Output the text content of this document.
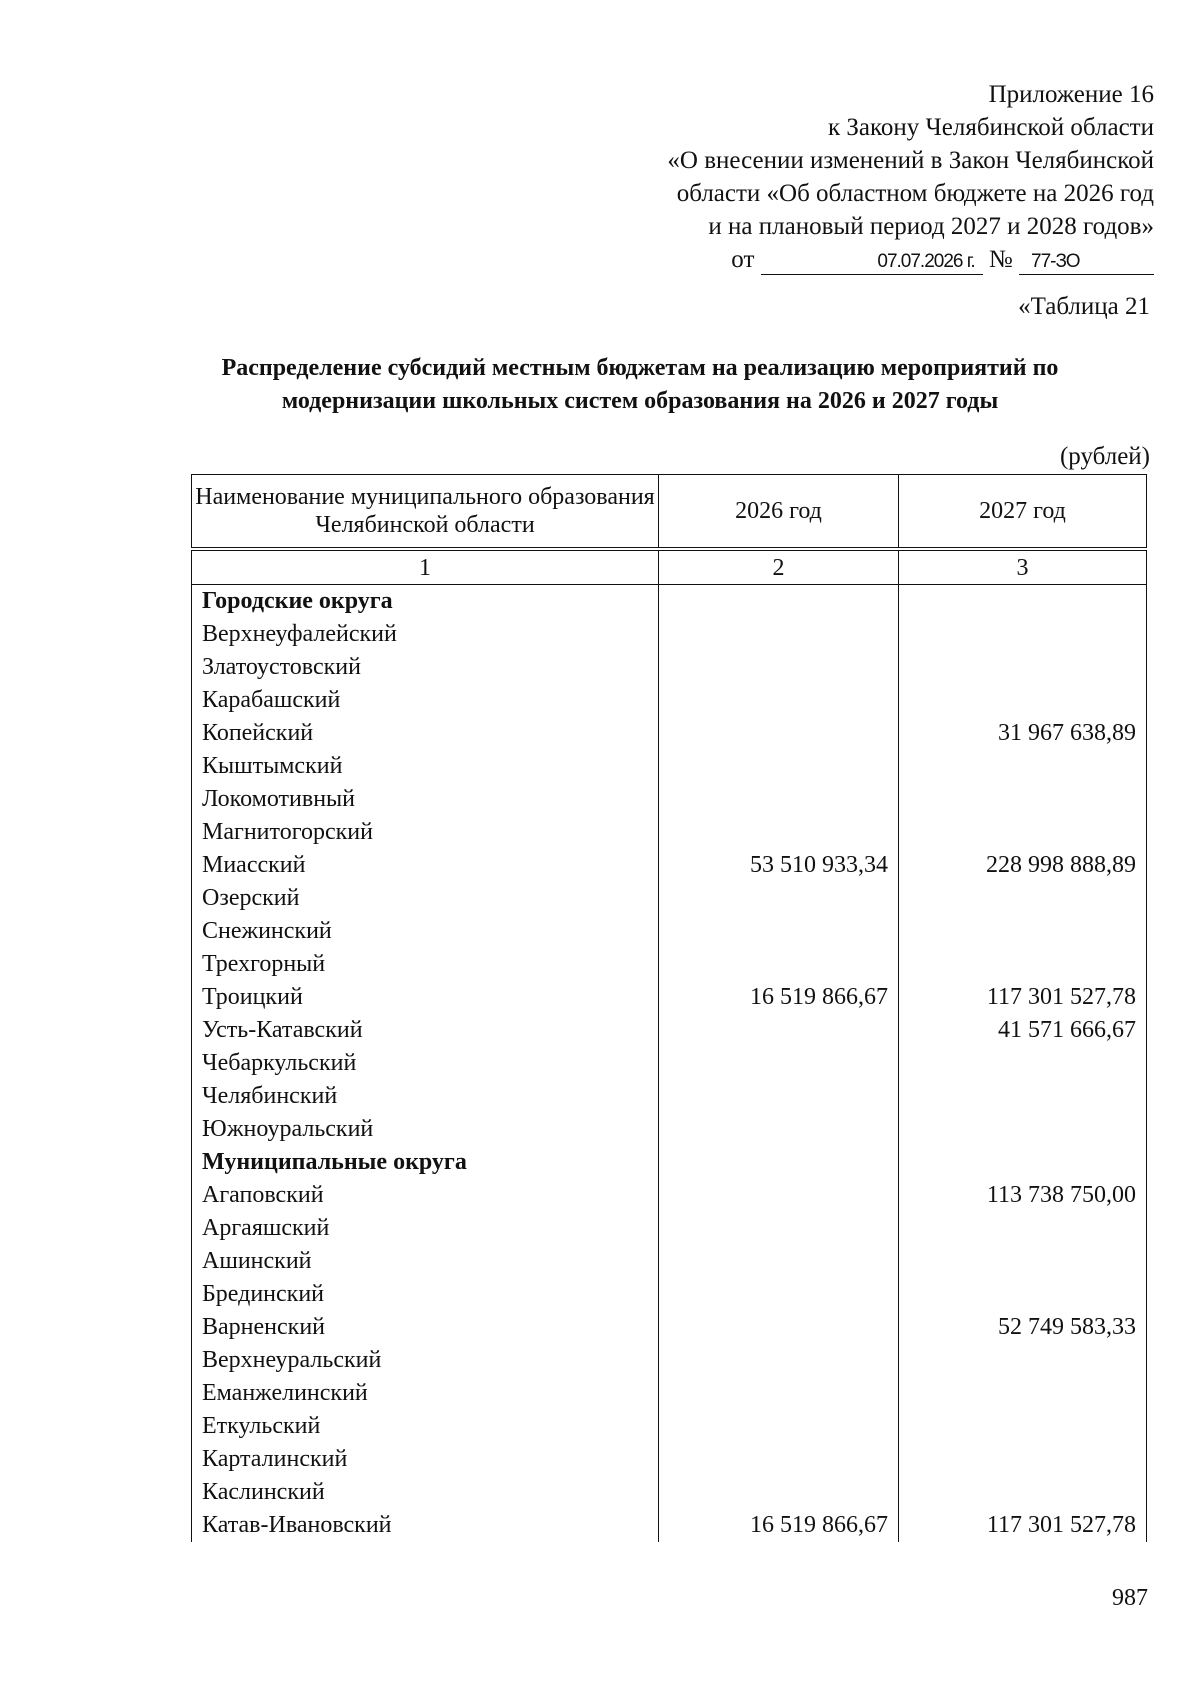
Приложение 16
к Закону Челябинской области
«О внесении изменений в Закон Челябинской
области «Об областном бюджете на 2026 год
и на плановый период 2027 и 2028 годов»
от	07.07.2026 г. № 77-ЗО
«Таблица 21
Распределение субсидий местным бюджетам на реализацию мероприятий по модернизации школьных систем образования на 2026 и 2027 годы
(рублей)
Наименование муниципального образования Челябинской области	2026 год	2027 год
1	2	3
Городские округа		
Верхнеуфалейский		
Златоустовский		
Карабашский		
Копейский		31 967 638,89
Кыштымский		
Локомотивный		
Магнитогорский		
Миасский	53 510 933,34	228 998 888,89
Озерский		
Снежинский		
Трехгорный		
Троицкий	16 519 866,67	117 301 527,78
Усть-Катавский		41 571 666,67
Чебаркульский		
Челябинский		
Южноуральский		
Муниципальные округа		
Агаповский		113 738 750,00
Аргаяшский		
Ашинский		
Брединский		
Варненский		52 749 583,33
Верхнеуральский		
Еманжелинский		
Еткульский		
Карталинский		
Каслинский		
Катав-Ивановский	16 519 866,67	117 301 527,78
987
